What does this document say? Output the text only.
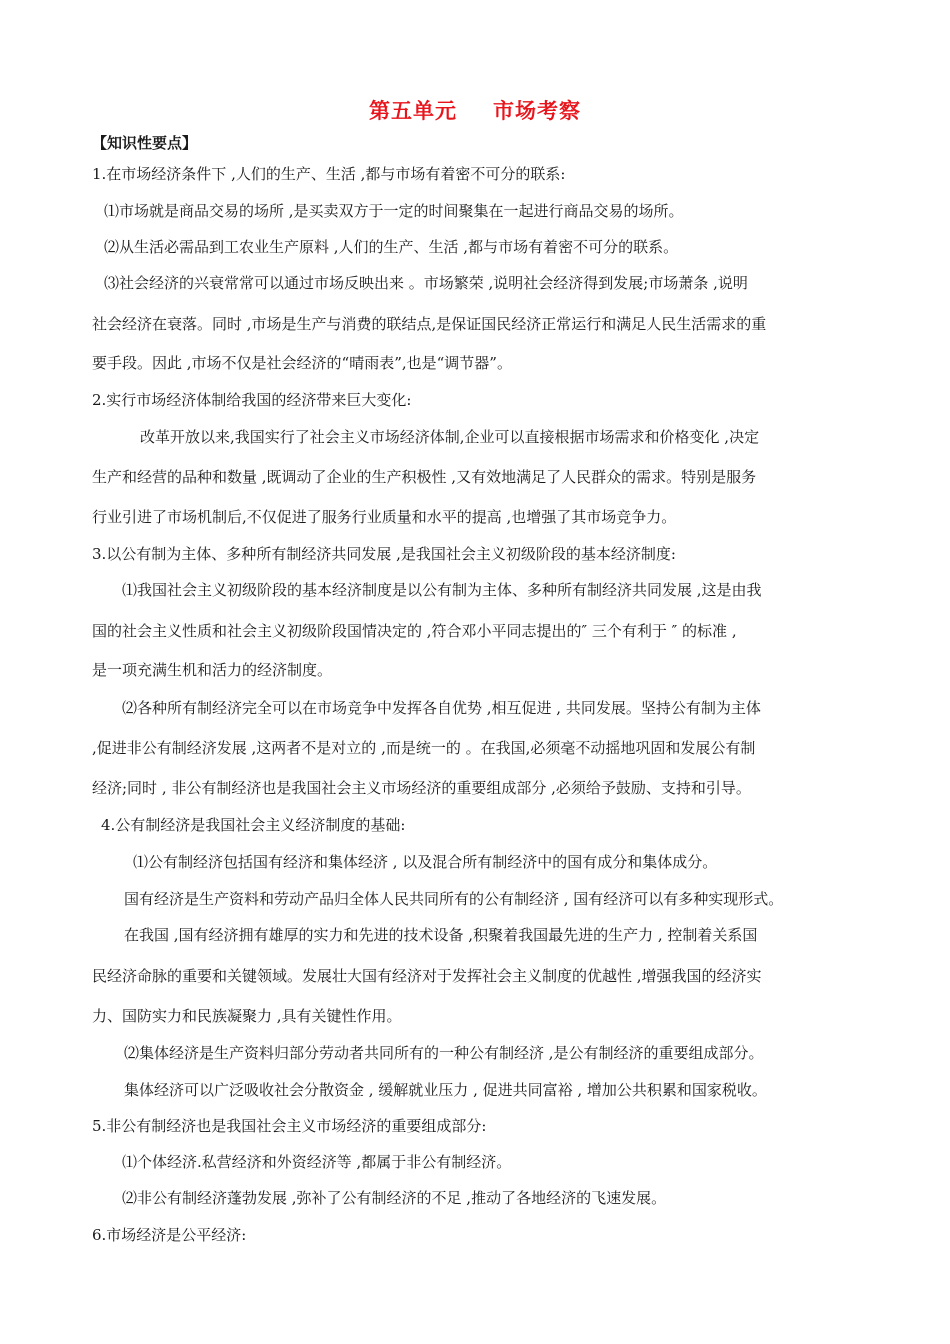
第五单元 市场考察
【知识性要点】
1.在市场经济条件下 ,人们的生产、生活 ,都与市场有着密不可分的联系:
⑴市场就是商品交易的场所 ,是买卖双方于一定的时间聚集在一起进行商品交易的场所。
⑵从生活必需品到工农业生产原料 ,人们的生产、生活 ,都与市场有着密不可分的联系。
⑶社会经济的兴衰常常可以通过市场反映出来 。市场繁荣 ,说明社会经济得到发展;市场萧条 ,说明
社会经济在衰落。同时 ,市场是生产与消费的联结点,是保证国民经济正常运行和满足人民生活需求的重
要手段。因此 ,市场不仅是社会经济的“晴雨表”,也是“调节器”。
2.实行市场经济体制给我国的经济带来巨大变化:
改革开放以来,我国实行了社会主义市场经济体制,企业可以直接根据市场需求和价格变化 ,决定
生产和经营的品种和数量 ,既调动了企业的生产积极性 ,又有效地满足了人民群众的需求。特别是服务
行业引进了市场机制后,不仅促进了服务行业质量和水平的提高 ,也增强了其市场竞争力。
3.以公有制为主体、多种所有制经济共同发展 ,是我国社会主义初级阶段的基本经济制度:
⑴我国社会主义初级阶段的基本经济制度是以公有制为主体、多种所有制经济共同发展 ,这是由我
国的社会主义性质和社会主义初级阶段国情决定的 ,符合邓小平同志提出的″ 三个有利于 ″ 的标准 ,
是一项充满生机和活力的经济制度。
⑵各种所有制经济完全可以在市场竞争中发挥各自优势 ,相互促进 , 共同发展。坚持公有制为主体
,促进非公有制经济发展 ,这两者不是对立的 ,而是统一的 。在我国,必须毫不动摇地巩固和发展公有制
经济;同时 , 非公有制经济也是我国社会主义市场经济的重要组成部分 ,必须给予鼓励、支持和引导。
4.公有制经济是我国社会主义经济制度的基础:
⑴公有制经济包括国有经济和集体经济 , 以及混合所有制经济中的国有成分和集体成分。
国有经济是生产资料和劳动产品归全体人民共同所有的公有制经济 , 国有经济可以有多种实现形式。
在我国 ,国有经济拥有雄厚的实力和先进的技术设备 ,积聚着我国最先进的生产力 , 控制着关系国
民经济命脉的重要和关键领域。发展壮大国有经济对于发挥社会主义制度的优越性 ,增强我国的经济实
力、国防实力和民族凝聚力 ,具有关键性作用。
⑵集体经济是生产资料归部分劳动者共同所有的一种公有制经济 ,是公有制经济的重要组成部分。
集体经济可以广泛吸收社会分散资金 , 缓解就业压力 , 促进共同富裕 , 增加公共积累和国家税收。
5.非公有制经济也是我国社会主义市场经济的重要组成部分:
⑴个体经济.私营经济和外资经济等 ,都属于非公有制经济。
⑵非公有制经济蓬勃发展 ,弥补了公有制经济的不足 ,推动了各地经济的飞速发展。
6.市场经济是公平经济:
